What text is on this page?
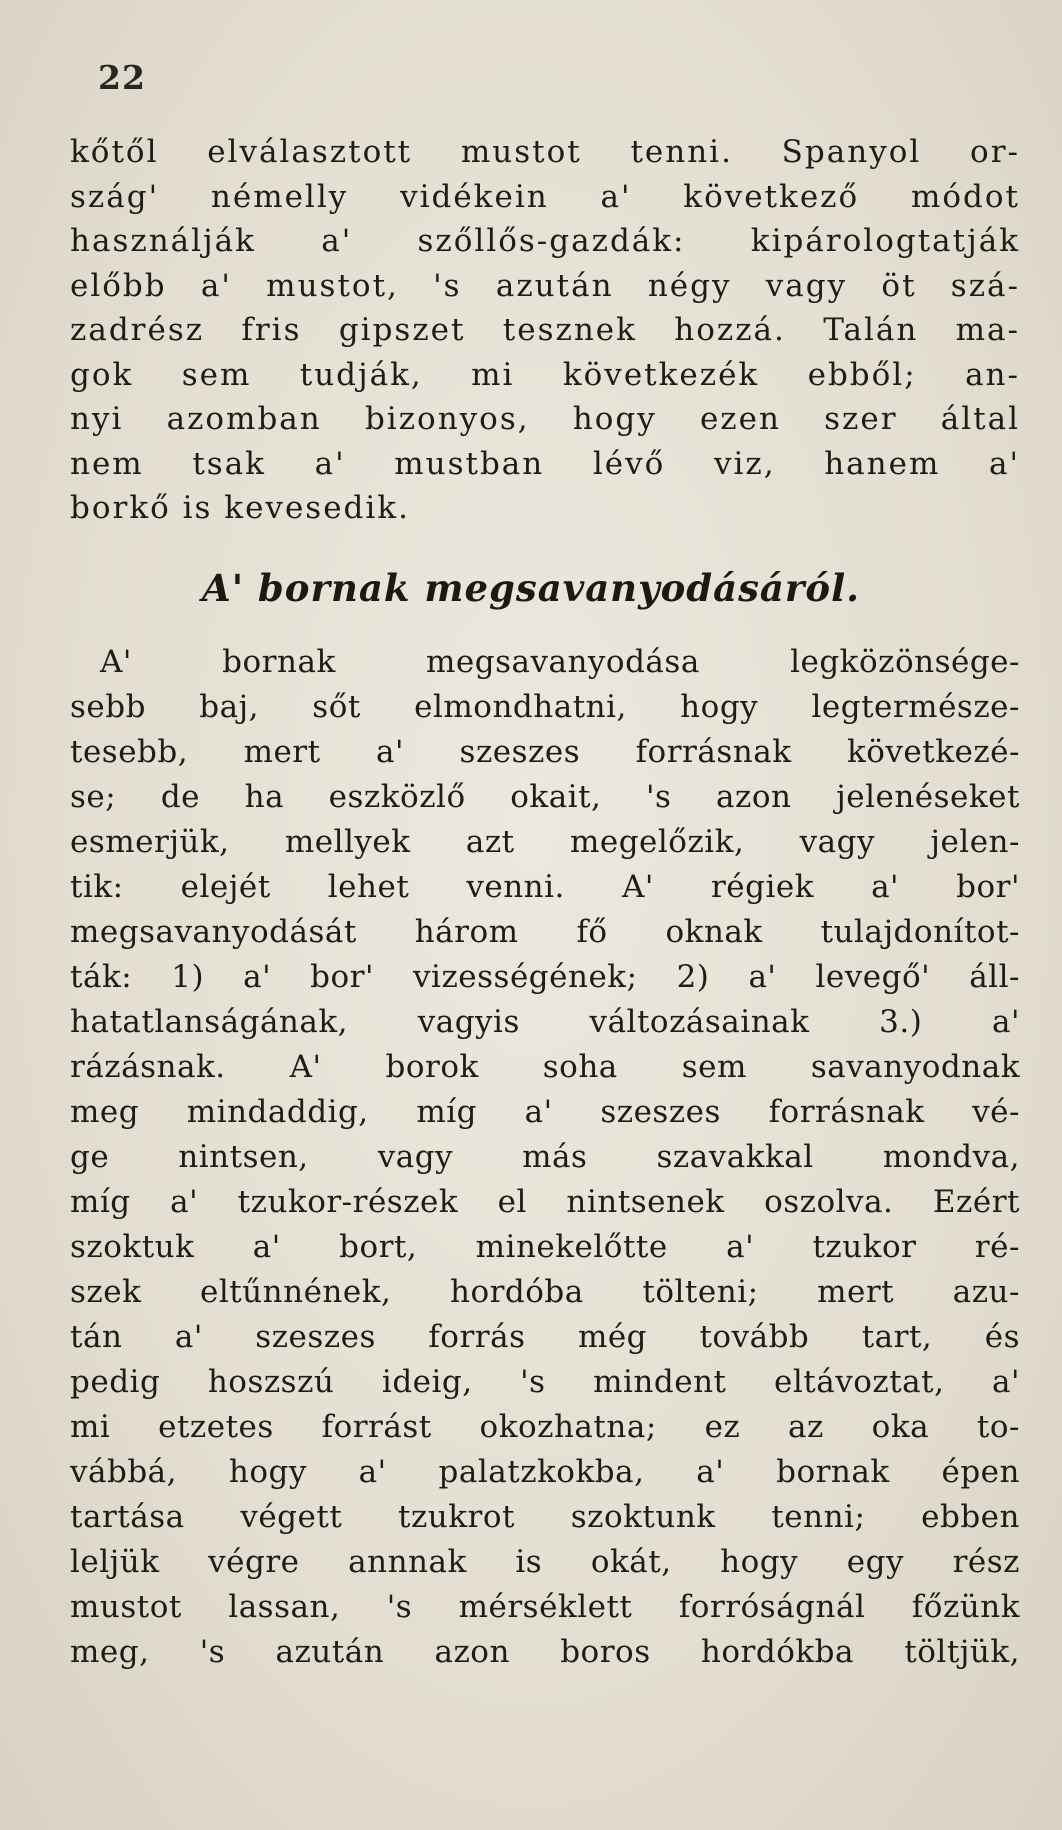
22
kőtől elválasztott mustot tenni. Spanyol or-
szág' némelly vidékein a' következő módot
használják a' szőllős-gazdák: kipárologtatják
előbb a' mustot, 's azután négy vagy öt szá-
zadrész fris gipszet tesznek hozzá. Talán ma-
gok sem tudják, mi következék ebből; an-
nyi azomban bizonyos, hogy ezen szer által
nem tsak a' mustban lévő viz, hanem a'
borkő is kevesedik.
A' bornak megsavanyodásáról.
A' bornak megsavanyodása legközönsége-
sebb baj, sőt elmondhatni, hogy legtermésze-
tesebb, mert a' szeszes forrásnak következé-
se; de ha eszközlő okait, 's azon jelenéseket
esmerjük, mellyek azt megelőzik, vagy jelen-
tik: elejét lehet venni. A' régiek a' bor'
megsavanyodását három fő oknak tulajdonítot-
ták: 1) a' bor' vizességének; 2) a' levegő' áll-
hatatlanságának, vagyis változásainak 3.) a'
rázásnak. A' borok soha sem savanyodnak
meg mindaddig, míg a' szeszes forrásnak vé-
ge nintsen, vagy más szavakkal mondva,
míg a' tzukor-részek el nintsenek oszolva. Ezért
szoktuk a' bort, minekelőtte a' tzukor ré-
szek eltűnnének, hordóba tölteni; mert azu-
tán a' szeszes forrás még tovább tart, és
pedig hoszszú ideig, 's mindent eltávoztat, a'
mi etzetes forrást okozhatna; ez az oka to-
vábbá, hogy a' palatzkokba, a' bornak épen
tartása végett tzukrot szoktunk tenni; ebben
leljük végre annnak is okát, hogy egy rész
mustot lassan, 's mérséklett forróságnál főzünk
meg, 's azután azon boros hordókba töltjük,
